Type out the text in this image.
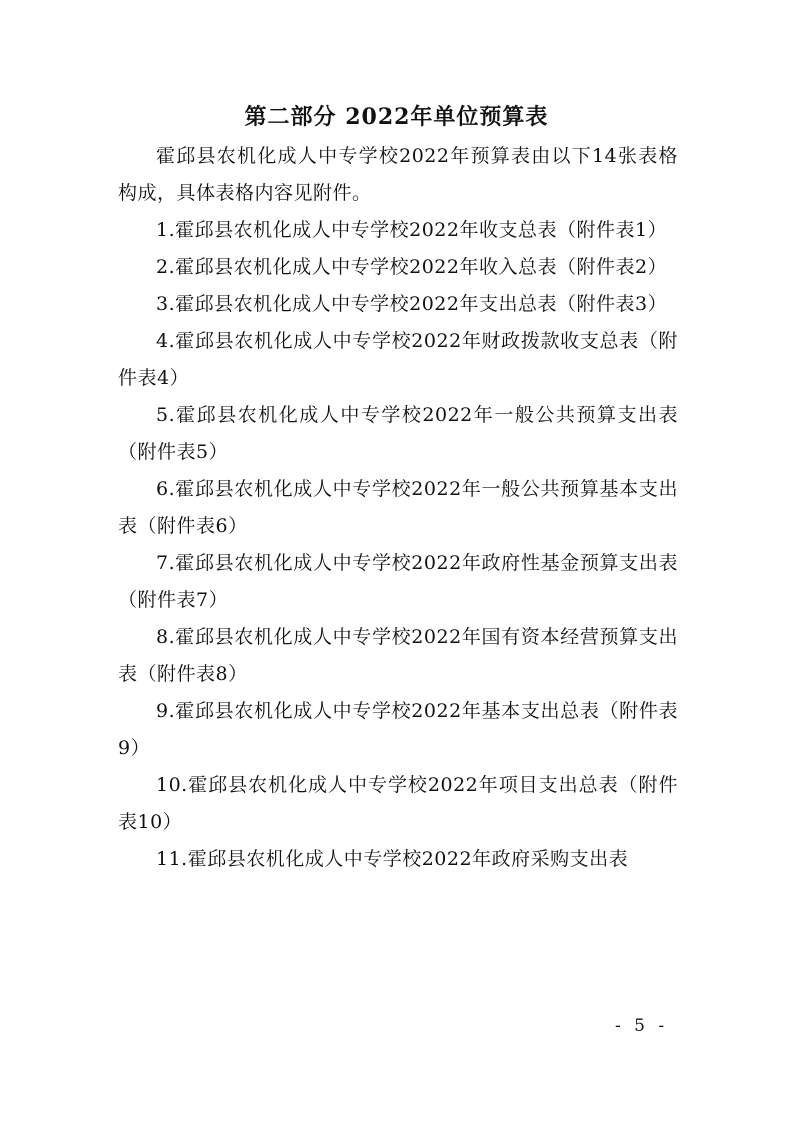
第二部分 2022年单位预算表

霍邱县农机化成人中专学校2022年预算表由以下14张表格构成，具体表格内容见附件。

1.霍邱县农机化成人中专学校2022年收支总表（附件表1）

2.霍邱县农机化成人中专学校2022年收入总表（附件表2）

3.霍邱县农机化成人中专学校2022年支出总表（附件表3）

4.霍邱县农机化成人中专学校2022年财政拨款收支总表（附件表4）

5.霍邱县农机化成人中专学校2022年一般公共预算支出表（附件表5）

6.霍邱县农机化成人中专学校2022年一般公共预算基本支出表（附件表6）

7.霍邱县农机化成人中专学校2022年政府性基金预算支出表（附件表7）

8.霍邱县农机化成人中专学校2022年国有资本经营预算支出表（附件表8）

9.霍邱县农机化成人中专学校2022年基本支出总表（附件表9）

10.霍邱县农机化成人中专学校2022年项目支出总表（附件表10）

11.霍邱县农机化成人中专学校2022年政府采购支出表

- 5 -
